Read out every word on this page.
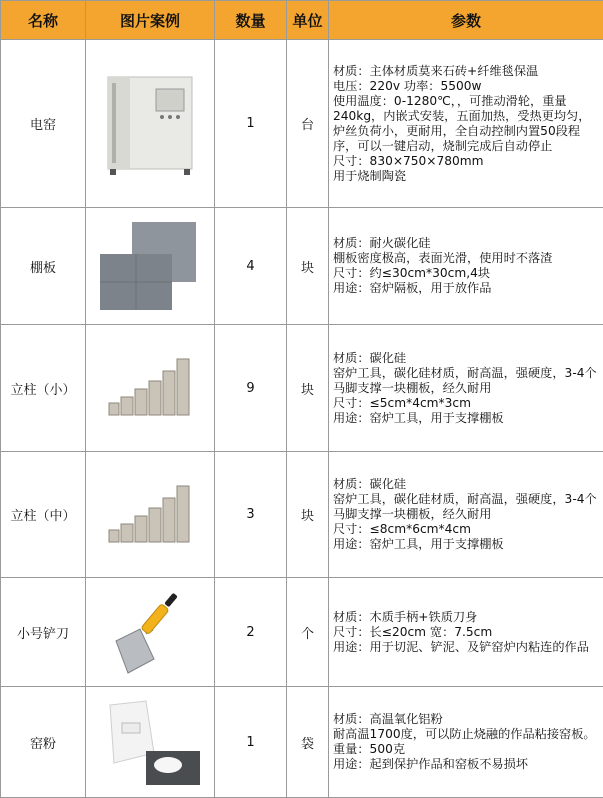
名称	图片案例	数量	单位	参数
电窑		1	台	材质：主体材质莫来石砖+纤维毯保温
电压：220v 功率：5500w
使用温度：0-1280℃，，可推动滑轮，重量240kg，内嵌式安装，五面加热，受热更均匀，炉丝负荷小，更耐用，全自动控制内置50段程序，可以一键启动，烧制完成后自动停止
尺寸：830×750×780mm
用于烧制陶瓷

棚板		4	块	材质：耐火碳化硅
棚板密度极高，表面光滑，使用时不落渣
尺寸：约≤30cm*30cm,4块
用途：窑炉隔板，用于放作品

立柱（小）		9	块	材质：碳化硅
窑炉工具，碳化硅材质，耐高温，强硬度，3-4个马脚支撑一块棚板，经久耐用
尺寸：≤5cm*4cm*3cm
用途：窑炉工具，用于支撑棚板

立柱（中）		3	块	材质：碳化硅
窑炉工具，碳化硅材质，耐高温，强硬度，3-4个马脚支撑一块棚板，经久耐用
尺寸：≤8cm*6cm*4cm
用途：窑炉工具，用于支撑棚板

小号铲刀		2	个	材质：木质手柄+铁质刀身
尺寸：长≤20cm 宽：7.5cm
用途：用于切泥、铲泥、及铲窑炉内粘连的作品

窑粉		1	袋	材质：高温氧化铝粉
耐高温1700度，可以防止烧融的作品粘接窑板。
重量：500克
用途：起到保护作品和窑板不易损坏
